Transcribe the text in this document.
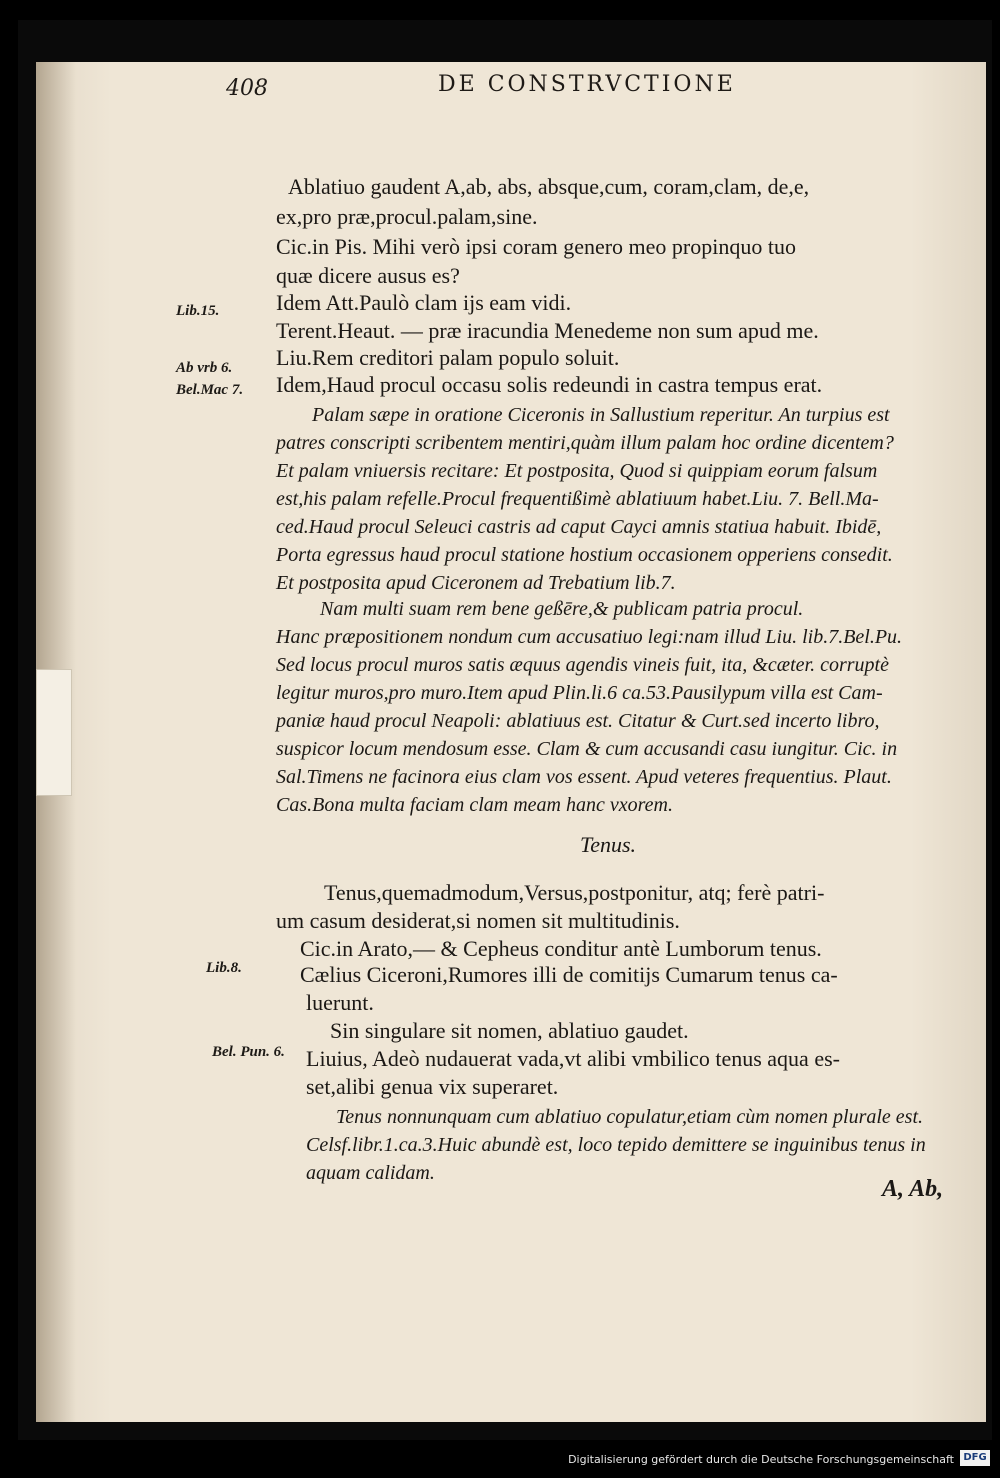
408	DE CONSTRVCTIONE
Lib.15.
Ab vrb 6.
Bel.Mac 7.
Lib.8.
Bel. Pun. 6.
Ablatiuo gaudent A,ab, abs, absque,cum, coram,clam, de,e,
ex,pro præ,procul.palam,sine.
Cic.in Pis. Mihi verò ipsi coram genero meo propinquo tuo
quæ dicere ausus es?
Idem Att.Paulò clam ijs eam vidi.
Terent.Heaut. — præ iracundia Menedeme non sum apud me.
Liu.Rem creditori palam populo soluit.
Idem,Haud procul occasu solis redeundi in castra tempus erat.
Palam sæpe in oratione Ciceronis in Sallustium reperitur. An turpius est
patres conscripti scribentem mentiri,quàm illum palam hoc ordine dicentem?
Et palam vniuersis recitare: Et postposita, Quod si quippiam eorum falsum
est,his palam refelle.Procul frequentißimè ablatiuum habet.Liu. 7. Bell.Ma-
ced.Haud procul Seleuci castris ad caput Cayci amnis statiua habuit. Ibidē,
Porta egressus haud procul statione hostium occasionem opperiens consedit.
Et postposita apud Ciceronem ad Trebatium lib.7.
Nam multi suam rem bene geßēre,& publicam patria procul.
Hanc præpositionem nondum cum accusatiuo legi:nam illud Liu. lib.7.Bel.Pu.
Sed locus procul muros satis æquus agendis vineis fuit, ita, &cæter. corruptè
legitur muros,pro muro.Item apud Plin.li.6 ca.53.Pausilypum villa est Cam-
paniæ haud procul Neapoli: ablatiuus est. Citatur & Curt.sed incerto libro,
suspicor locum mendosum esse. Clam & cum accusandi casu iungitur. Cic. in
Sal.Timens ne facinora eius clam vos essent. Apud veteres frequentius. Plaut.
Cas.Bona multa faciam clam meam hanc vxorem.
Tenus,quemadmodum,Versus,postponitur, atq; ferè patri-
um casum desiderat,si nomen sit multitudinis.
Cic.in Arato,— & Cepheus conditur antè Lumborum tenus.
Cælius Ciceroni,Rumores illi de comitijs Cumarum tenus ca-
luerunt.
Sin singulare sit nomen, ablatiuo gaudet.
Liuius, Adeò nudauerat vada,vt alibi vmbilico tenus aqua es-
set,alibi genua vix superaret.
Tenus nonnunquam cum ablatiuo copulatur,etiam cùm nomen plurale est.
Celsf.libr.1.ca.3.Huic abundè est, loco tepido demittere se inguinibus tenus in
aquam calidam.
Tenus.
A, Ab,
Digitalisierung gefördert durch die Deutsche Forschungsgemeinschaft DFG
